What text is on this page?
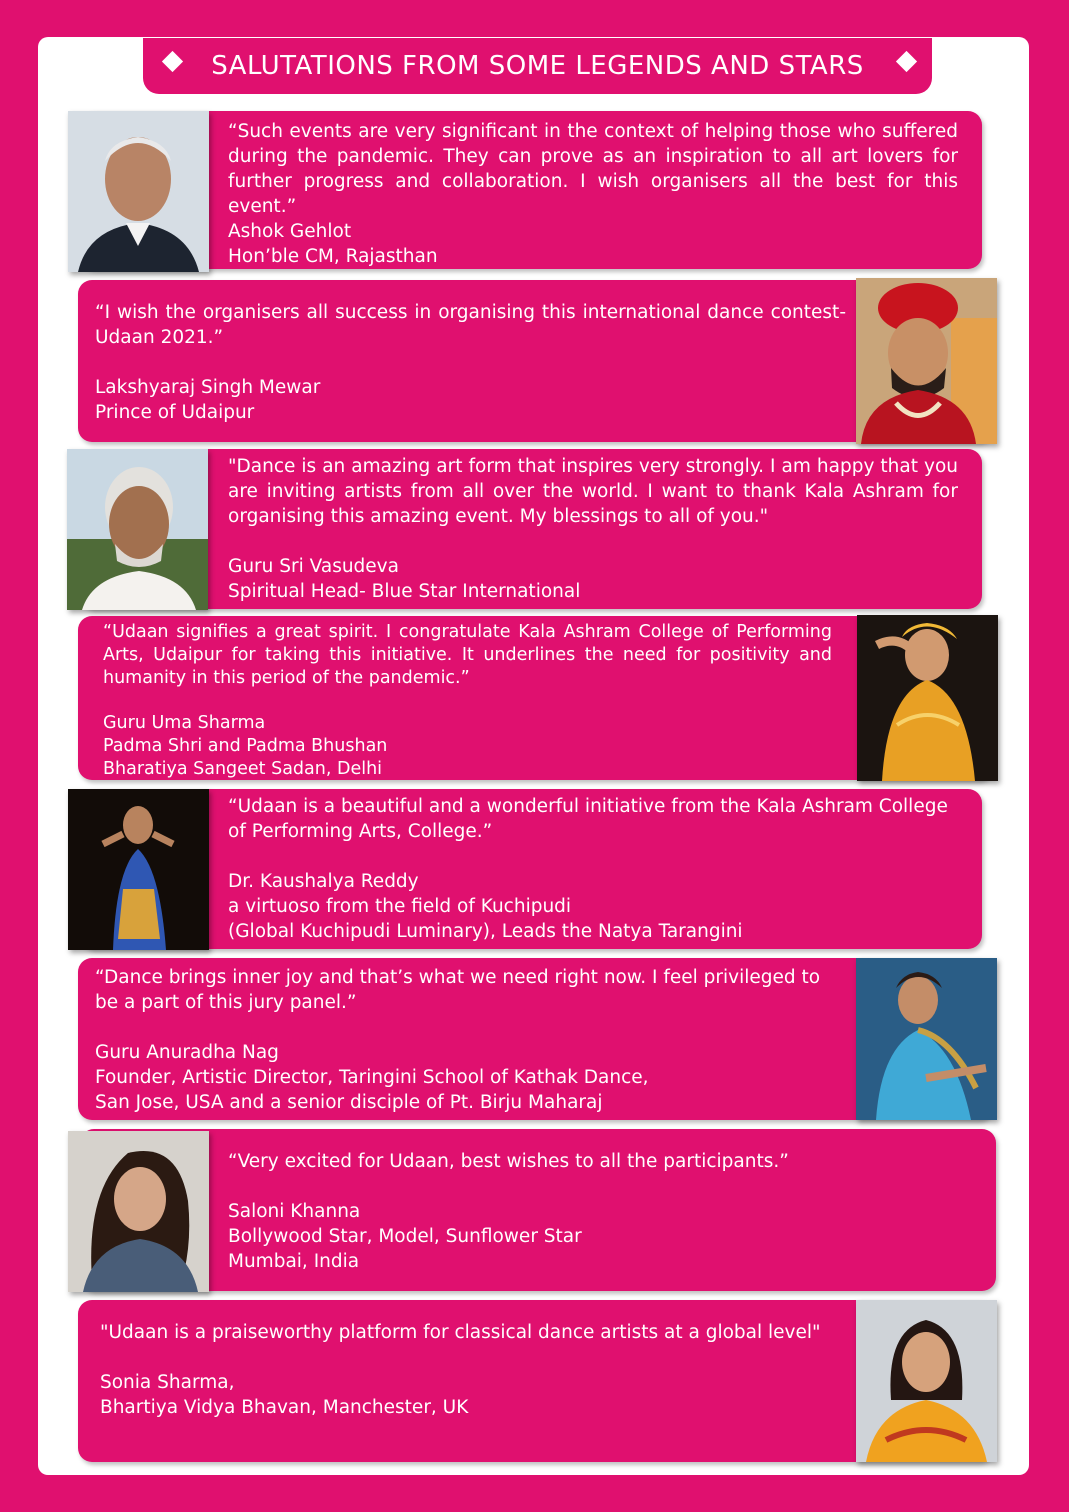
SALUTATIONS FROM SOME LEGENDS AND STARS
“Such events are very significant in the context of helping those who suffered during the pandemic. They can prove as an inspiration to all art lovers for further progress and collaboration. I wish organisers all the best for this event.”
Ashok Gehlot
Hon’ble CM, Rajasthan
“I wish the organisers all success in organising this international dance contest- Udaan 2021.”
Lakshyaraj Singh Mewar
Prince of Udaipur
"Dance is an amazing art form that inspires very strongly. I am happy that you are inviting artists from all over the world. I want to thank Kala Ashram for organising this amazing event. My blessings to all of you."
Guru Sri Vasudeva
Spiritual Head- Blue Star International
“Udaan signifies a great spirit. I congratulate Kala Ashram College of Performing Arts, Udaipur for taking this initiative. It underlines the need for positivity and humanity in this period of the pandemic.”
Guru Uma Sharma
Padma Shri and Padma Bhushan
Bharatiya Sangeet Sadan, Delhi
“Udaan is a beautiful and a wonderful initiative from the Kala Ashram College of Performing Arts, College.”
Dr. Kaushalya Reddy
a virtuoso from the field of Kuchipudi
(Global Kuchipudi Luminary), Leads the Natya Tarangini
“Dance brings inner joy and that’s what we need right now. I feel privileged to be a part of this jury panel.”
Guru Anuradha Nag
Founder, Artistic Director, Taringini School of Kathak Dance,
San Jose, USA and a senior disciple of Pt. Birju Maharaj
“Very excited for Udaan, best wishes to all the participants.”
Saloni Khanna
Bollywood Star, Model, Sunflower Star
Mumbai, India
"Udaan is a praiseworthy platform for classical dance artists at a global level"
Sonia Sharma,
Bhartiya Vidya Bhavan, Manchester, UK
